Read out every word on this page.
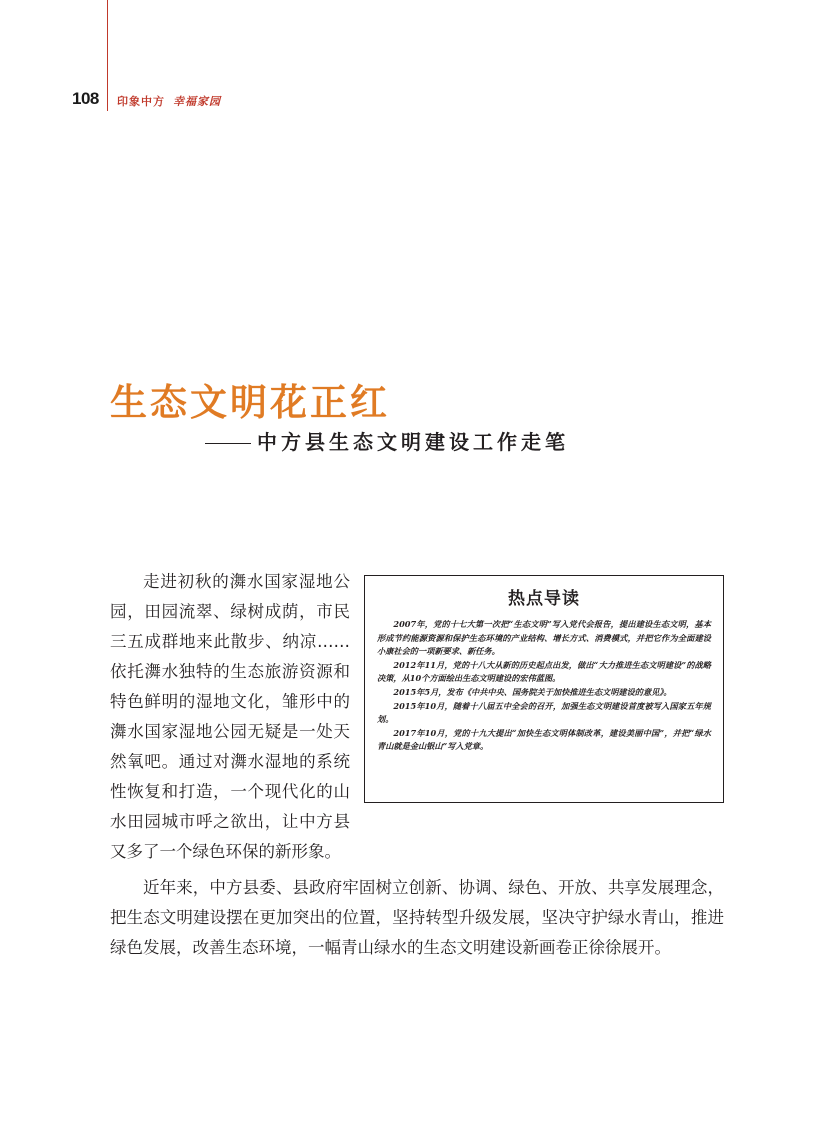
108 印象中方 幸福家园
生态文明花正红
中方县生态文明建设工作走笔
热点导读

2007年，党的十七大第一次把“生态文明”写入党代会报告，提出建设生态文明，基本形成节约能源资源和保护生态环境的产业结构、增长方式、消费模式，并把它作为全面建设小康社会的一项新要求、新任务。

2012年11月，党的十八大从新的历史起点出发，做出“大力推进生态文明建设”的战略决策，从10个方面绘出生态文明建设的宏伟蓝图。

2015年5月，发布《中共中央、国务院关于加快推进生态文明建设的意见》。

2015年10月，随着十八届五中全会的召开，加强生态文明建设首度被写入国家五年规划。

2017年10月，党的十九大提出“加快生态文明体制改革，建设美丽中国”，并把“绿水青山就是金山银山”写入党章。

走进初秋的㵲水国家湿地公园，田园流翠、绿树成荫，市民三五成群地来此散步、纳凉……依托㵲水独特的生态旅游资源和特色鲜明的湿地文化，雏形中的㵲水国家湿地公园无疑是一处天然氧吧。通过对㵲水湿地的系统性恢复和打造，一个现代化的山水田园城市呼之欲出，让中方县又多了一个绿色环保的新形象。

近年来，中方县委、县政府牢固树立创新、协调、绿色、开放、共享发展理念，把生态文明建设摆在更加突出的位置，坚持转型升级发展，坚决守护绿水青山，推进绿色发展，改善生态环境，一幅青山绿水的生态文明建设新画卷正徐徐展开。
